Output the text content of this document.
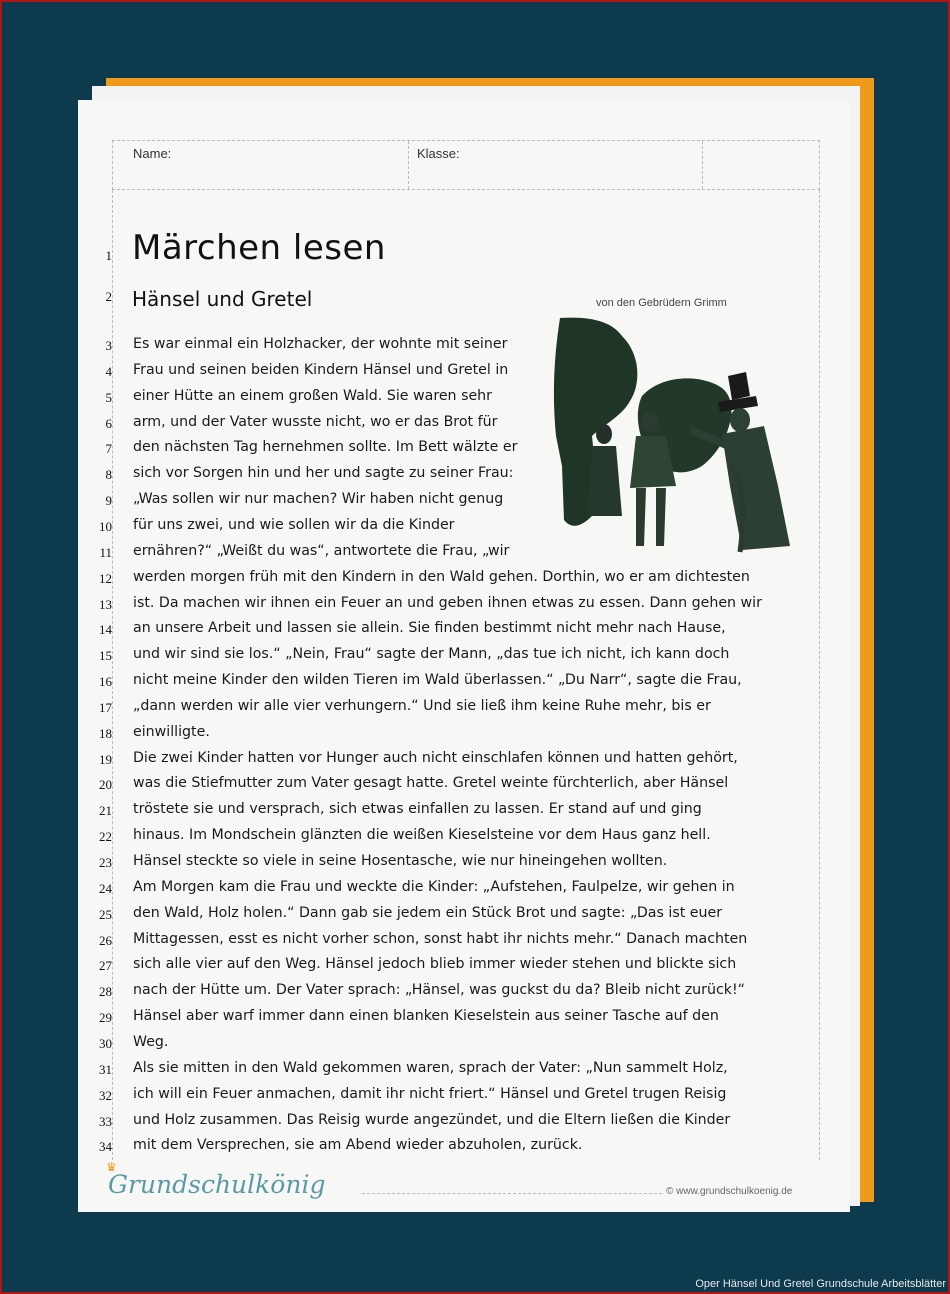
Name:	Klasse:
Märchen lesen
Hänsel und Gretel	von den Gebrüdern Grimm
1
2
3
4
5
6
7
8
9
10
11
12
13
14
15
16
17
18
19
20
21
22
23
24
25
26
27
28
29
30
31
32
33
34
Es war einmal ein Holzhacker, der wohnte mit seiner
Frau und seinen beiden Kindern Hänsel und Gretel in
einer Hütte an einem großen Wald. Sie waren sehr
arm, und der Vater wusste nicht, wo er das Brot für
den nächsten Tag hernehmen sollte. Im Bett wälzte er
sich vor Sorgen hin und her und sagte zu seiner Frau:
„Was sollen wir nur machen? Wir haben nicht genug
für uns zwei, und wie sollen wir da die Kinder
ernähren?“ „Weißt du was“, antwortete die Frau, „wir
werden morgen früh mit den Kindern in den Wald gehen. Dorthin, wo er am dichtesten
ist. Da machen wir ihnen ein Feuer an und geben ihnen etwas zu essen. Dann gehen wir
an unsere Arbeit und lassen sie allein. Sie finden bestimmt nicht mehr nach Hause,
und wir sind sie los.“ „Nein, Frau“ sagte der Mann, „das tue ich nicht, ich kann doch
nicht meine Kinder den wilden Tieren im Wald überlassen.“ „Du Narr“, sagte die Frau,
„dann werden wir alle vier verhungern.“ Und sie ließ ihm keine Ruhe mehr, bis er
einwilligte.
Die zwei Kinder hatten vor Hunger auch nicht einschlafen können und hatten gehört,
was die Stiefmutter zum Vater gesagt hatte. Gretel weinte fürchterlich, aber Hänsel
tröstete sie und versprach, sich etwas einfallen zu lassen. Er stand auf und ging
hinaus. Im Mondschein glänzten die weißen Kieselsteine vor dem Haus ganz hell.
Hänsel steckte so viele in seine Hosentasche, wie nur hineingehen wollten.
Am Morgen kam die Frau und weckte die Kinder: „Aufstehen, Faulpelze, wir gehen in
den Wald, Holz holen.“ Dann gab sie jedem ein Stück Brot und sagte: „Das ist euer
Mittagessen, esst es nicht vorher schon, sonst habt ihr nichts mehr.“ Danach machten
sich alle vier auf den Weg. Hänsel jedoch blieb immer wieder stehen und blickte sich
nach der Hütte um. Der Vater sprach: „Hänsel, was guckst du da? Bleib nicht zurück!“
Hänsel aber warf immer dann einen blanken Kieselstein aus seiner Tasche auf den
Weg.
Als sie mitten in den Wald gekommen waren, sprach der Vater: „Nun sammelt Holz,
ich will ein Feuer anmachen, damit ihr nicht friert.“ Hänsel und Gretel trugen Reisig
und Holz zusammen. Das Reisig wurde angezündet, und die Eltern ließen die Kinder
mit dem Versprechen, sie am Abend wieder abzuholen, zurück.
♛
Grundschulkönig	© www.grundschulkoenig.de
Oper Hänsel Und Gretel Grundschule Arbeitsblätter
